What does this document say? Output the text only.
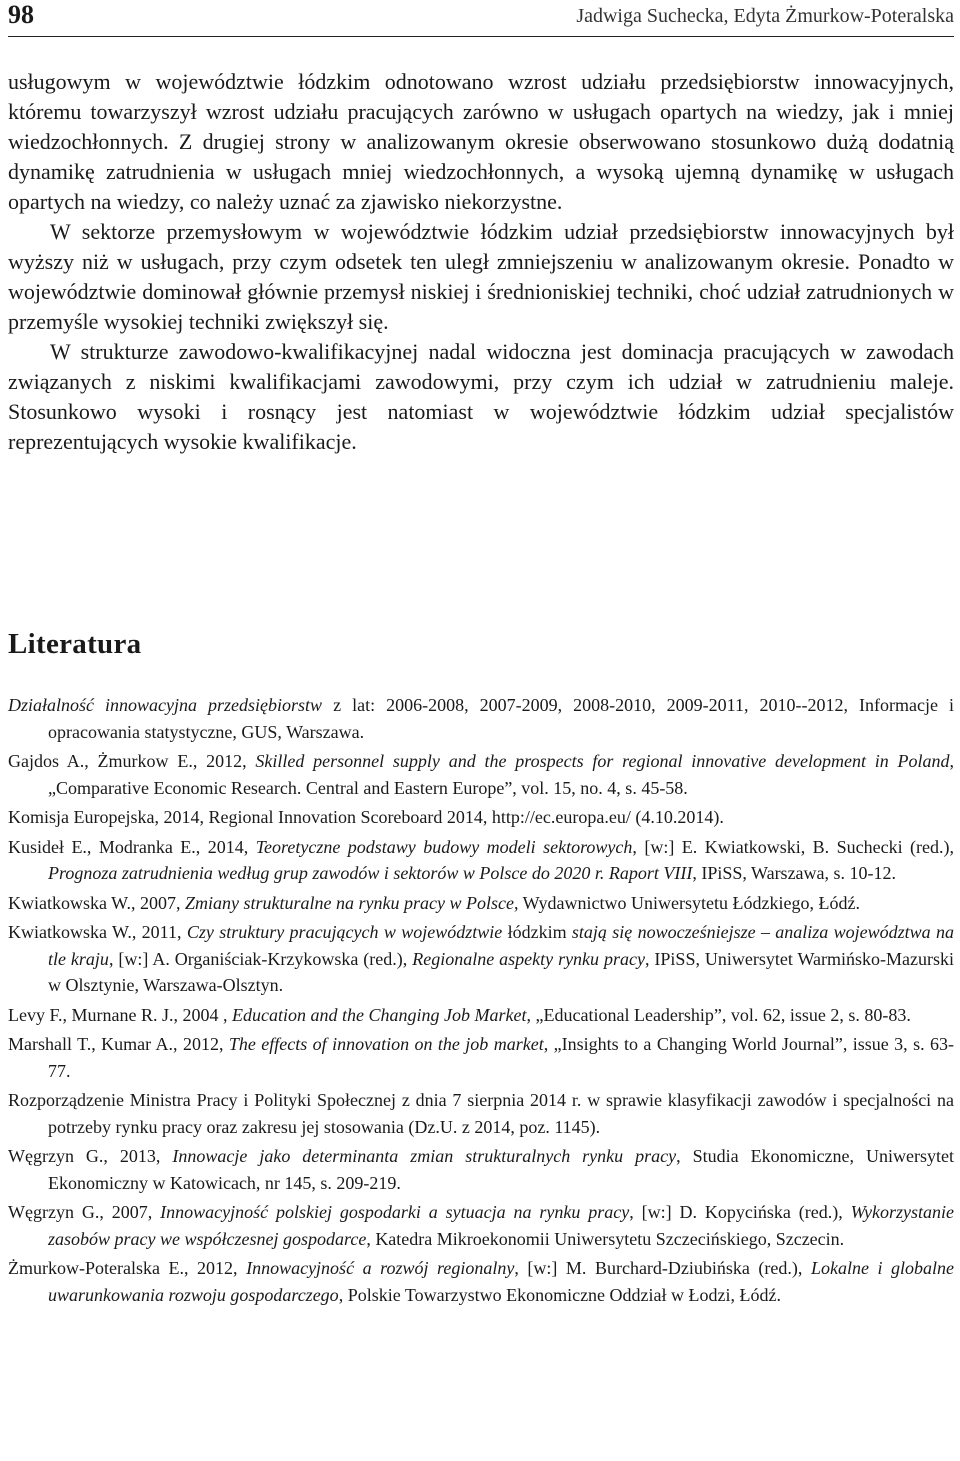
98	Jadwiga Suchecka, Edyta Żmurkow-Poteralska

usługowym w województwie łódzkim odnotowano wzrost udziału przedsiębiorstw innowacyjnych, któremu towarzyszył wzrost udziału pracujących zarówno w usługach opartych na wiedzy, jak i mniej wiedzochłonnych. Z drugiej strony w analizowanym okresie obserwowano stosunkowo dużą dodatnią dynamikę zatrudnienia w usługach mniej wiedzochłonnych, a wysoką ujemną dynamikę w usługach opartych na wiedzy, co należy uznać za zjawisko niekorzystne.

W sektorze przemysłowym w województwie łódzkim udział przedsiębiorstw innowacyjnych był wyższy niż w usługach, przy czym odsetek ten uległ zmniejszeniu w analizowanym okresie. Ponadto w województwie dominował głównie przemysł niskiej i średnioniskiej techniki, choć udział zatrudnionych w przemyśle wysokiej techniki zwiększył się.

W strukturze zawodowo-kwalifikacyjnej nadal widoczna jest dominacja pracujących w zawodach związanych z niskimi kwalifikacjami zawodowymi, przy czym ich udział w zatrudnieniu maleje. Stosunkowo wysoki i rosnący jest natomiast w województwie łódzkim udział specjalistów reprezentujących wysokie kwalifikacje.

Literatura
Działalność innowacyjna przedsiębiorstw z lat: 2006-2008, 2007-2009, 2008-2010, 2009-2011, 2010--2012, Informacje i opracowania statystyczne, GUS, Warszawa.
Gajdos A., Żmurkow E., 2012, Skilled personnel supply and the prospects for regional innovative development in Poland, „Comparative Economic Research. Central and Eastern Europe”, vol. 15, no. 4, s. 45-58.
Komisja Europejska, 2014, Regional Innovation Scoreboard 2014, http://ec.europa.eu/ (4.10.2014).
Kusideł E., Modranka E., 2014, Teoretyczne podstawy budowy modeli sektorowych, [w:] E. Kwiatkowski, B. Suchecki (red.), Prognoza zatrudnienia według grup zawodów i sektorów w Polsce do 2020 r. Raport VIII, IPiSS, Warszawa, s. 10-12.
Kwiatkowska W., 2007, Zmiany strukturalne na rynku pracy w Polsce, Wydawnictwo Uniwersytetu Łódzkiego, Łódź.
Kwiatkowska W., 2011, Czy struktury pracujących w województwie łódzkim stają się nowocześniejsze – analiza województwa na tle kraju, [w:] A. Organiściak-Krzykowska (red.), Regionalne aspekty rynku pracy, IPiSS, Uniwersytet Warmińsko-Mazurski w Olsztynie, Warszawa-Olsztyn.
Levy F., Murnane R. J., 2004 , Education and the Changing Job Market, „Educational Leadership”, vol. 62, issue 2, s. 80-83.
Marshall T., Kumar A., 2012, The effects of innovation on the job market, „Insights to a Changing World Journal”, issue 3, s. 63-77.
Rozporządzenie Ministra Pracy i Polityki Społecznej z dnia 7 sierpnia 2014 r. w sprawie klasyfikacji zawodów i specjalności na potrzeby rynku pracy oraz zakresu jej stosowania (Dz.U. z 2014, poz. 1145).
Węgrzyn G., 2013, Innowacje jako determinanta zmian strukturalnych rynku pracy, Studia Ekonomiczne, Uniwersytet Ekonomiczny w Katowicach, nr 145, s. 209-219.
Węgrzyn G., 2007, Innowacyjność polskiej gospodarki a sytuacja na rynku pracy, [w:] D. Kopycińska (red.), Wykorzystanie zasobów pracy we współczesnej gospodarce, Katedra Mikroekonomii Uniwersytetu Szczecińskiego, Szczecin.
Żmurkow-Poteralska E., 2012, Innowacyjność a rozwój regionalny, [w:] M. Burchard-Dziubińska (red.), Lokalne i globalne uwarunkowania rozwoju gospodarczego, Polskie Towarzystwo Ekonomiczne Oddział w Łodzi, Łódź.
